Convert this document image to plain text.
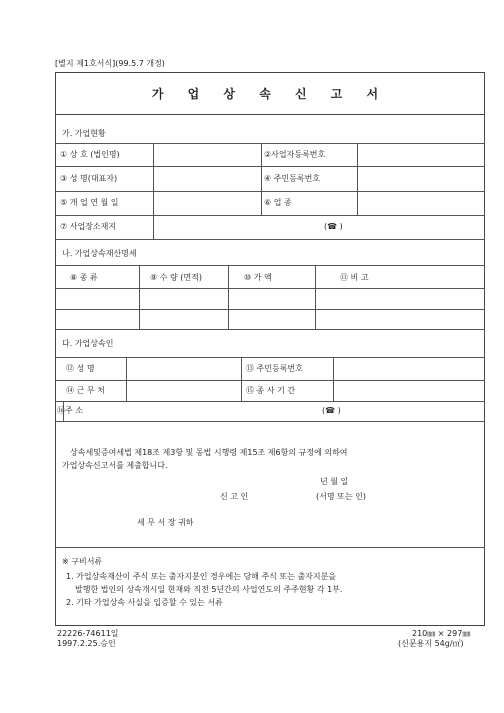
[별지 제1호서식](99.5.7 개정)
가 업 상 속 신 고 서
가. 가업현황
① 상 호 (법인명)	②사업자등록번호
③ 성 명(대표자)	④ 주민등록번호
⑤ 개 업 연 월 일	⑥ 업 종
⑦ 사업장소재지	(☎ )
나. 가업상속재산명세
⑧ 종 류	⑨ 수 량 (면적)	⑩ 가 액	⑪ 비 고
다. 가업상속인
⑫ 성 명	⑬ 주민등록번호
⑭ 근 무 처	⑮ 종 사 기 간
⑯주 소	(☎ )
상속세및증여세법 제18조 제3항 및 동법 시행령 제15조 제6항의 규정에 의하여
가업상속신고서를 제출합니다.
년 월 일
신 고 인	(서명 또는 인)
세 무 서 장 귀하
※ 구비서류
1. 가업상속재산이 주식 또는 출자지분인 경우에는 당해 주식 또는 출자지분을
발행한 법인의 상속개시일 현재와 직전 5년간의 사업연도의 주주현황 각 1부.
2. 기타 가업상속 사실을 입증할 수 있는 서류
22226-74611일
1997.2.25.승인
210㎜ × 297㎜
(신문용지 54g/㎡)
